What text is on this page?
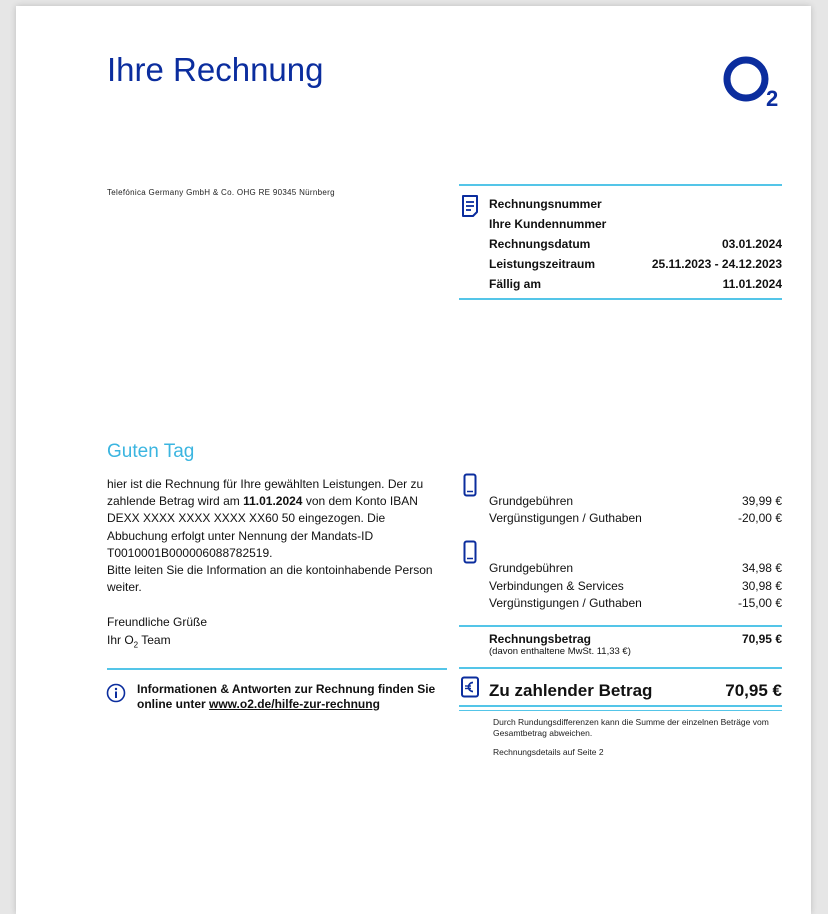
Ihre Rechnung
2
Telefónica Germany GmbH & Co. OHG RE 90345 Nürnberg
Rechnungsnummer
Ihre Kundennummer
Rechnungsdatum	03.01.2024
Leistungszeitraum	25.11.2023 - 24.12.2023
Fällig am	11.01.2024
Guten Tag

hier ist die Rechnung für Ihre gewählten Leistungen. Der zu zahlende Betrag wird am 11.01.2024 von dem Konto IBAN DEXX XXXX XXXX XXXX XX60 50 eingezogen. Die Abbuchung erfolgt unter Nennung der Mandats-ID T0010001B000006088782519.

Bitte leiten Sie die Information an die kontoinhabende Person weiter.

Freundliche Grüße
Ihr $O_2$ Team
Informationen & Antworten zur Rechnung finden Sie online unter www.o2.de/hilfe-zur-rechnung
Grundgebühren	39,99 €
Vergünstigungen / Guthaben	-20,00 €
Grundgebühren	34,98 €
Verbindungen & Services	30,98 €
Vergünstigungen / Guthaben	-15,00 €
Rechnungsbetrag	70,95 €
(davon enthaltene MwSt. 11,33 €)
Zu zahlender Betrag	70,95 €
Durch Rundungsdifferenzen kann die Summe der einzelnen Beträge vom Gesamtbetrag abweichen.
Rechnungsdetails auf Seite 2
